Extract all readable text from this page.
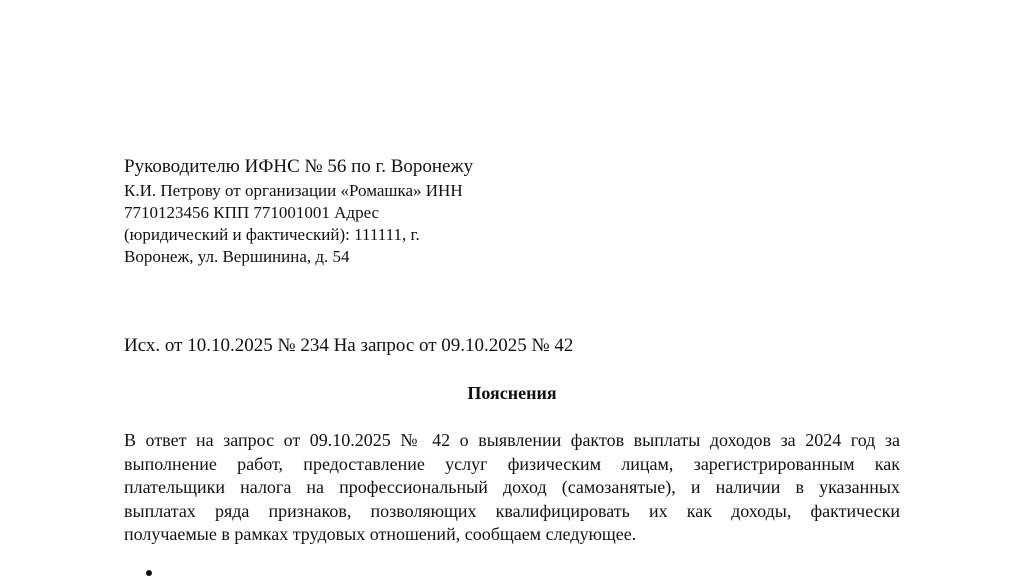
Руководителю ИФНС № 56 по г. Воронежу
К.И. Петрову от организации «Ромашка» ИНН
7710123456 КПП 771001001 Адрес
(юридический и фактический): 111111, г.
Воронеж, ул. Вершинина, д. 54
Исх. от 10.10.2025 № 234 На запрос от 09.10.2025 № 42
Пояснения
В ответ на запрос от 09.10.2025 № 42 о выявлении фактов выплаты доходов за 2024 год за
выполнение работ, предоставление услуг физическим лицам, зарегистрированным как
плательщики налога на профессиональный доход (самозанятые), и наличии в указанных
выплатах ряда признаков, позволяющих квалифицировать их как доходы, фактически
получаемые в рамках трудовых отношений, сообщаем следующее.
